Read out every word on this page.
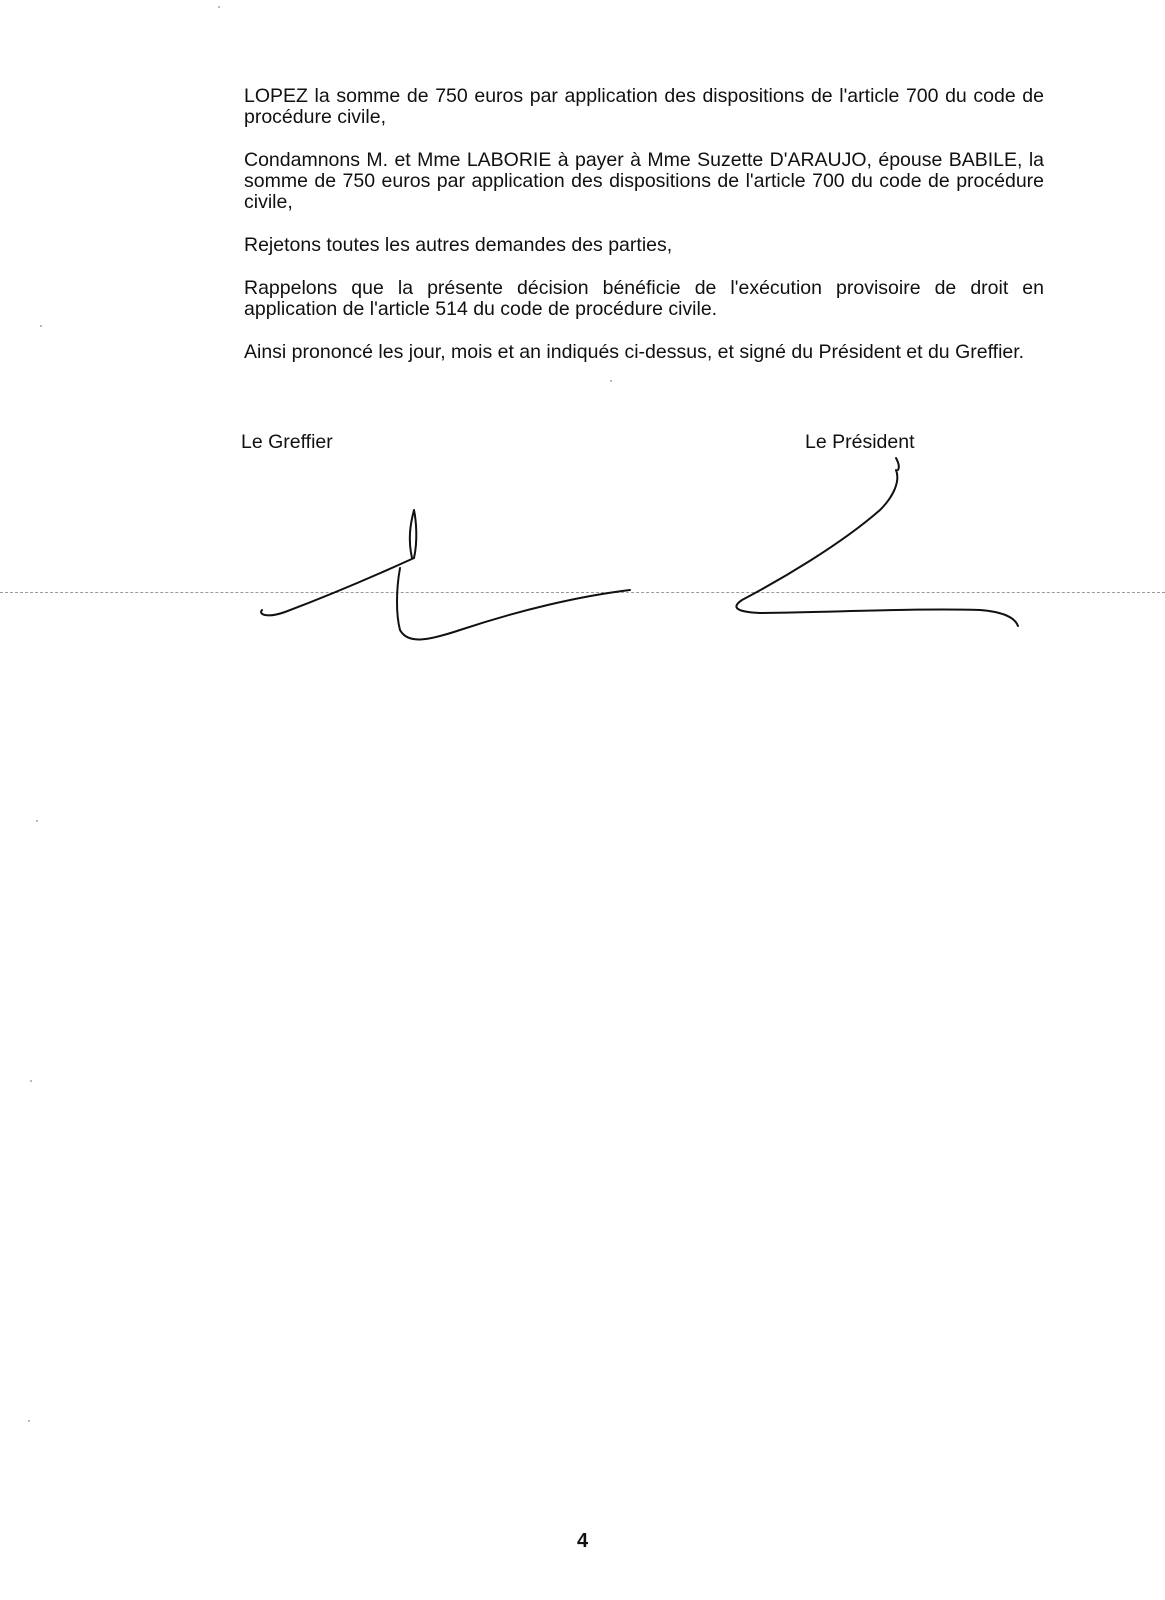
LOPEZ la somme de 750 euros par application des dispositions de l'article 700 du code de procédure civile,

Condamnons M. et Mme LABORIE à payer à Mme Suzette D'ARAUJO, épouse BABILE, la somme de 750 euros par application des dispositions de l'article 700 du code de procédure civile,

Rejetons toutes les autres demandes des parties,

Rappelons que la présente décision bénéficie de l'exécution provisoire de droit en application de l'article 514 du code de procédure civile.

Ainsi prononcé les jour, mois et an indiqués ci-dessus, et signé du Président et du Greffier.

Le Greffier	Le Président
4
